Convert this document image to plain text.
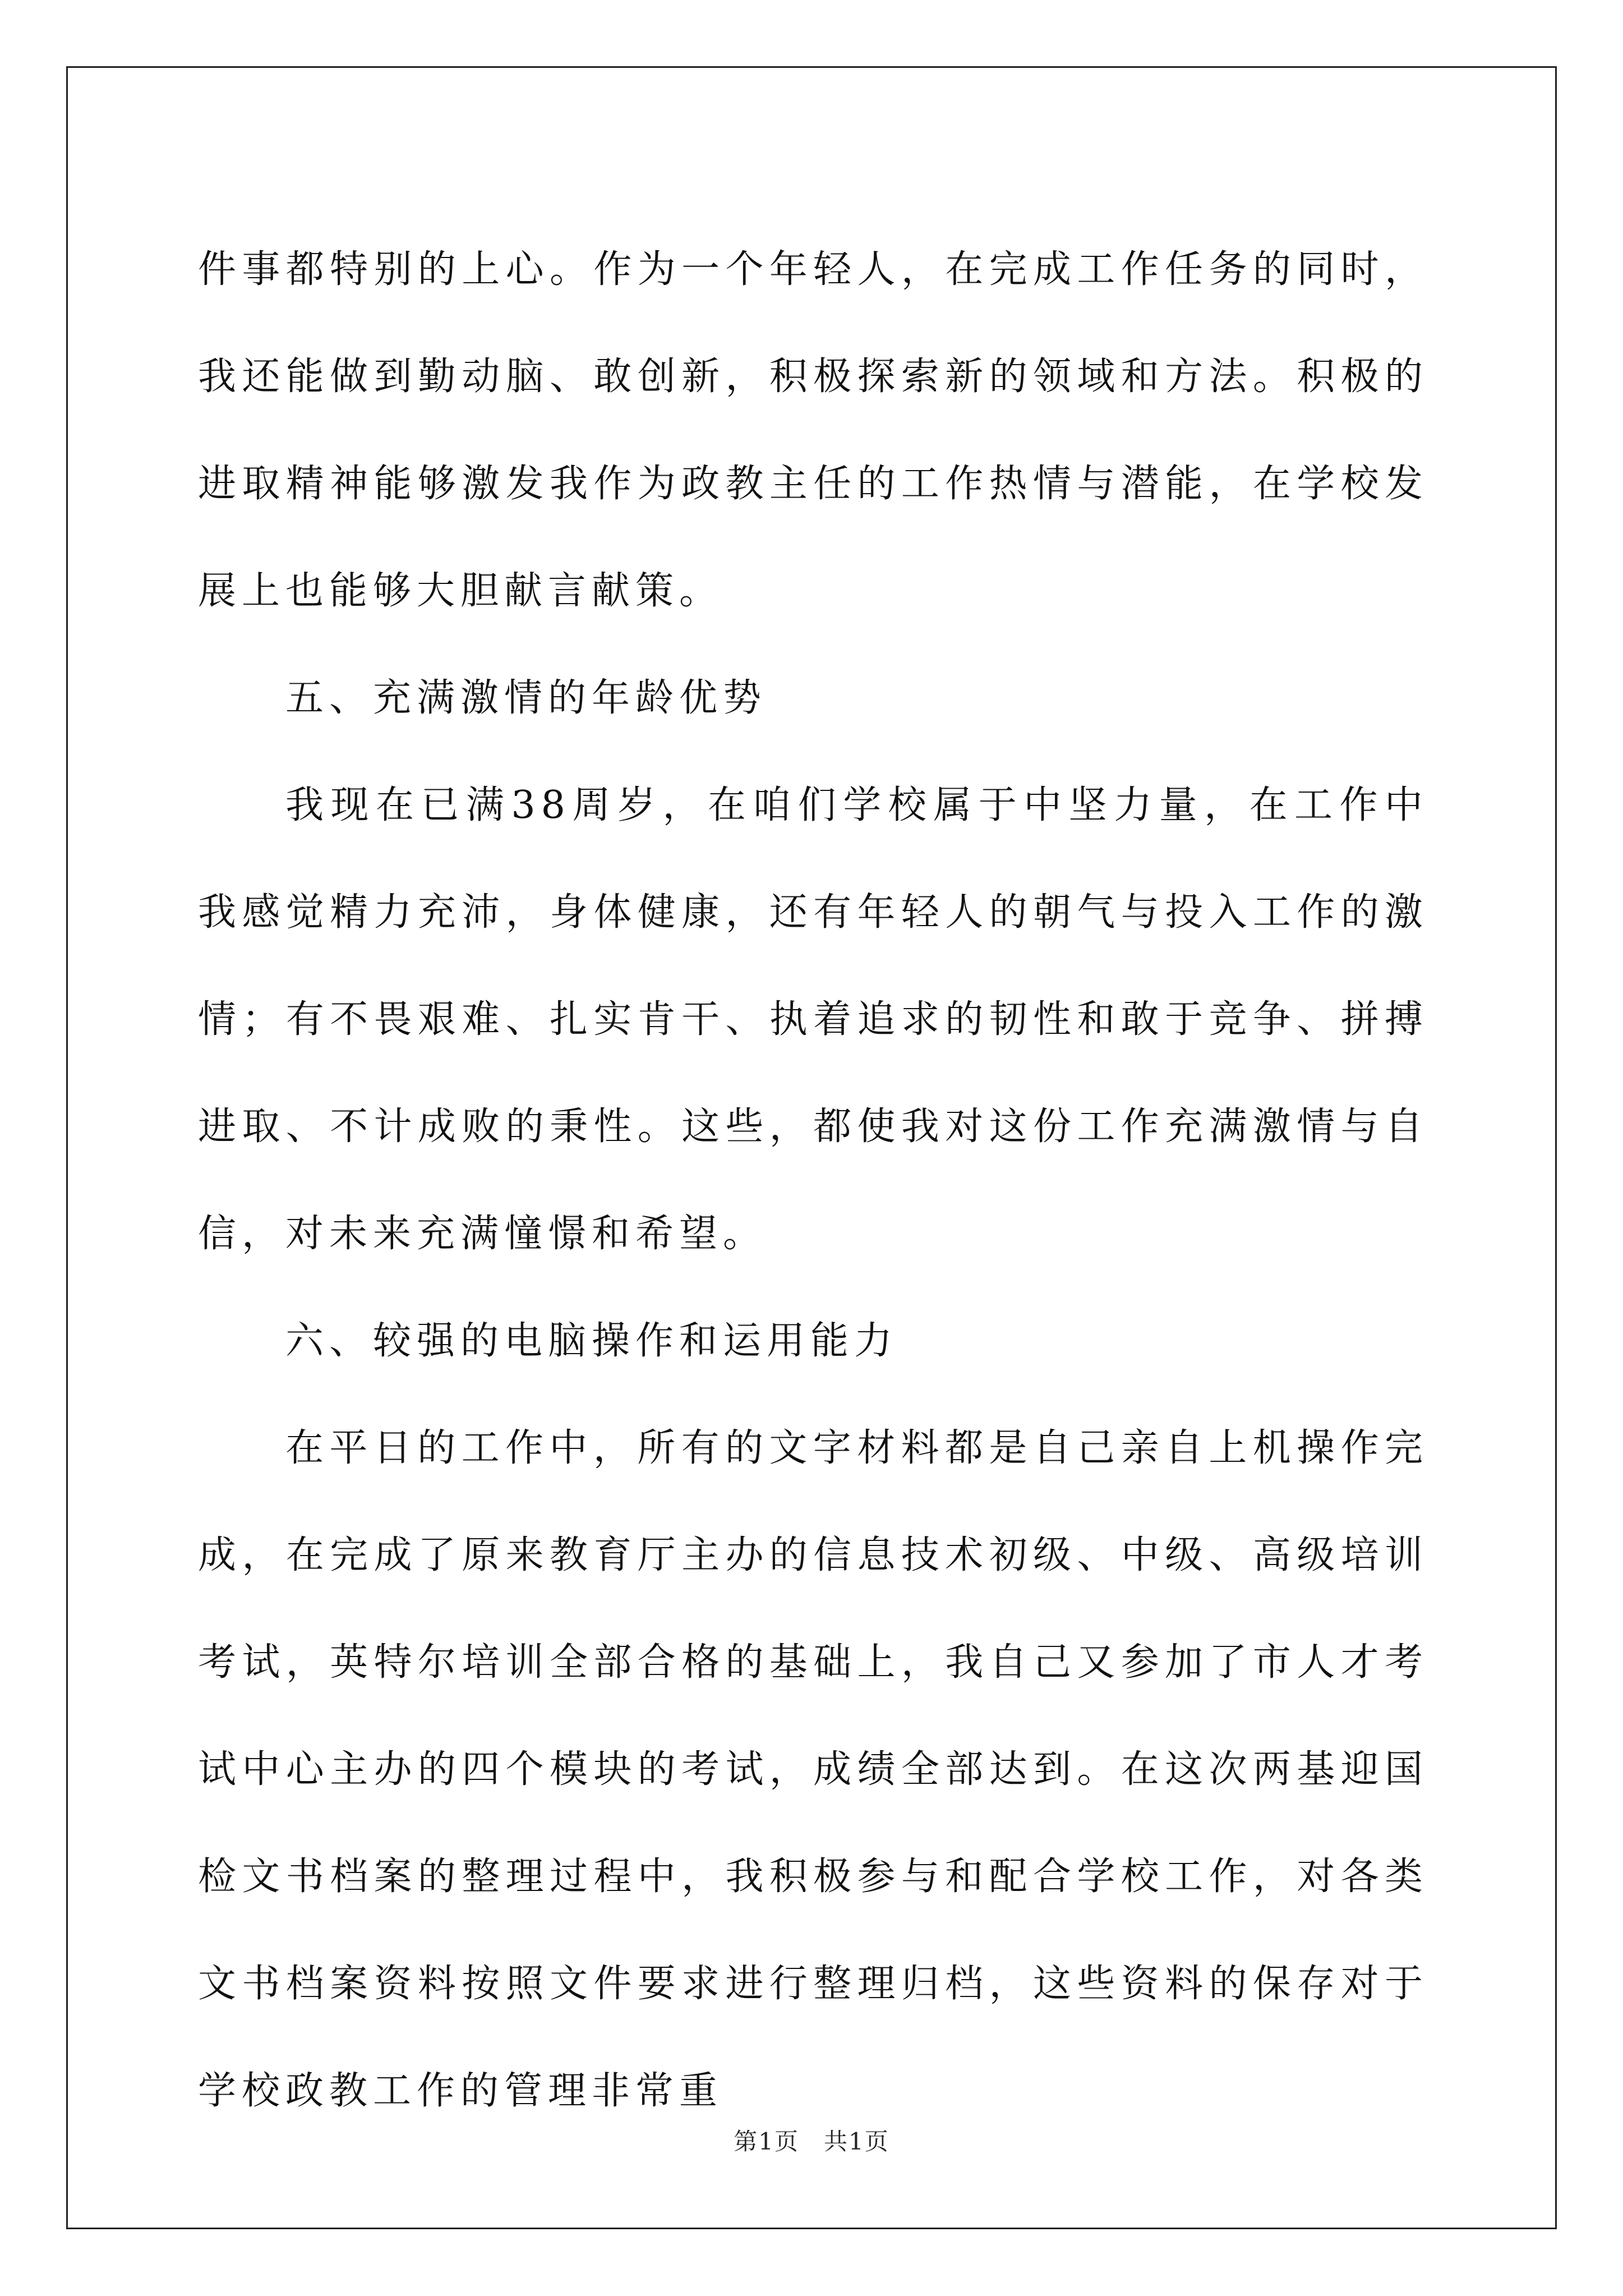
件事都特别的上心。作为一个年轻人，在完成工作任务的同时，我还能做到勤动脑、敢创新，积极探索新的领域和方法。积极的进取精神能够激发我作为政教主任的工作热情与潜能，在学校发展上也能够大胆献言献策。

五、充满激情的年龄优势

我现在已满38周岁，在咱们学校属于中坚力量，在工作中我感觉精力充沛，身体健康，还有年轻人的朝气与投入工作的激情；有不畏艰难、扎实肯干、执着追求的韧性和敢于竞争、拼搏进取、不计成败的秉性。这些，都使我对这份工作充满激情与自信，对未来充满憧憬和希望。

六、较强的电脑操作和运用能力

在平日的工作中，所有的文字材料都是自己亲自上机操作完成，在完成了原来教育厅主办的信息技术初级、中级、高级培训考试，英特尔培训全部合格的基础上，我自己又参加了市人才考试中心主办的四个模块的考试，成绩全部达到。在这次两基迎国检文书档案的整理过程中，我积极参与和配合学校工作，对各类文书档案资料按照文件要求进行整理归档，这些资料的保存对于学校政教工作的管理非常重

第1页　共1页
